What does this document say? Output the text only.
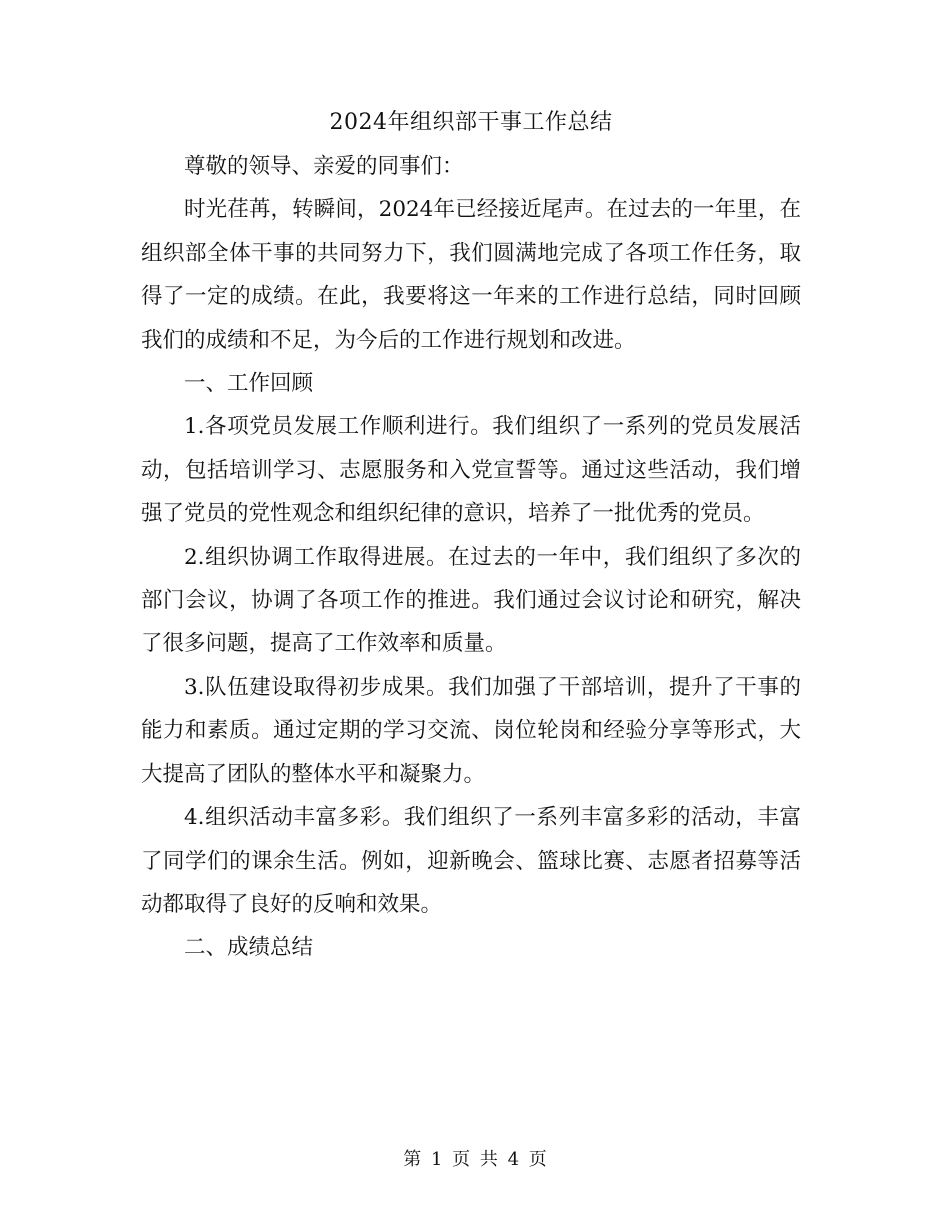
2024年组织部干事工作总结

尊敬的领导、亲爱的同事们：

时光荏苒，转瞬间，2024年已经接近尾声。在过去的一年里，在组织部全体干事的共同努力下，我们圆满地完成了各项工作任务，取得了一定的成绩。在此，我要将这一年来的工作进行总结，同时回顾我们的成绩和不足，为今后的工作进行规划和改进。

一、工作回顾

1.各项党员发展工作顺利进行。我们组织了一系列的党员发展活动，包括培训学习、志愿服务和入党宣誓等。通过这些活动，我们增强了党员的党性观念和组织纪律的意识，培养了一批优秀的党员。

2.组织协调工作取得进展。在过去的一年中，我们组织了多次的部门会议，协调了各项工作的推进。我们通过会议讨论和研究，解决了很多问题，提高了工作效率和质量。

3.队伍建设取得初步成果。我们加强了干部培训，提升了干事的能力和素质。通过定期的学习交流、岗位轮岗和经验分享等形式，大大提高了团队的整体水平和凝聚力。

4.组织活动丰富多彩。我们组织了一系列丰富多彩的活动，丰富了同学们的课余生活。例如，迎新晚会、篮球比赛、志愿者招募等活动都取得了良好的反响和效果。

二、成绩总结

第 1 页 共 4 页
